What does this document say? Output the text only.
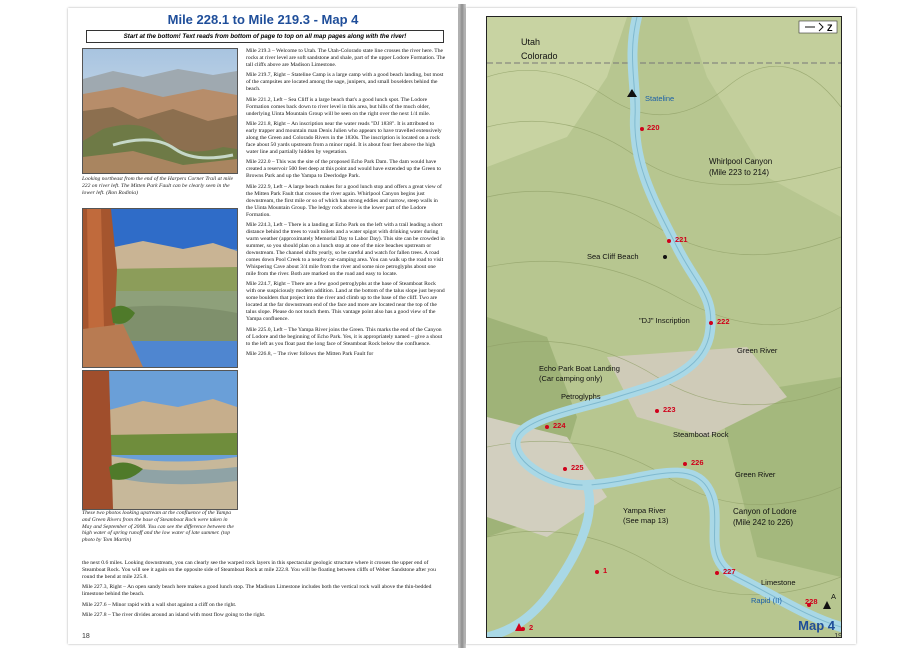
Mile 228.1 to Mile 219.3 - Map 4
Start at the bottom! Text reads from bottom of page to top on all map pages along with the river!
Looking northeast from the end of the Harpers Corner Trail at mile 222 on river left. The Mitten Park Fault can be clearly seen in the lower left. (Ron Rodinia)
These two photos looking upstream at the confluence of the Yampa and Green Rivers from the base of Steamboat Rock were taken in May and September of 2008. You can see the difference between the high water of spring runoff and the low water of late summer. (top photo by Tom Martin)

Mile 219.3 – Welcome to Utah. The Utah-Colorado state line crosses the river here. The rocks at river level are soft sandstone and shale, part of the upper Lodore Formation. The tall cliffs above are Madison Limestone.

Mile 219.7, Right – Stateline Camp is a large camp with a good beach landing, but most of the campsites are located among the sage, junipers, and small boxelders behind the beach.

Mile 221.2, Left – Sea Cliff is a large beach that's a good lunch spot. The Lodore Formation comes back down to river level in this area, but hills of the much older, underlying Uinta Mountain Group will be seen on the right over the next 1/4 mile.

Mile 221.8, Right – An inscription near the water reads "DJ 1838". It is attributed to early trapper and mountain man Denis Julien who appears to have travelled extensively along the Green and Colorado Rivers in the 1830s. The inscription is located on a rock face about 50 yards upstream from a minor rapid. It is about four feet above the high water line and partially hidden by vegetation.

Mile 222.0 – This was the site of the proposed Echo Park Dam. The dam would have created a reservoir 500 feet deep at this point and would have extended up the Green to Browns Park and up the Yampa to Deerlodge Park.

Mile 222.9, Left – A large beach makes for a good lunch stop and offers a great view of the Mitten Park Fault that crosses the river again. Whirlpool Canyon begins just downstream, the first mile or so of which has strong eddies and narrow, steep walls in the Uinta Mountain Group. The ledgy rock above is the lower part of the Lodore Formation.

Mile 224.3, Left – There is a landing at Echo Park on the left with a trail leading a short distance behind the trees to vault toilets and a water spigot with drinking water during warm weather (approximately Memorial Day to Labor Day). This site can be crowded in summer, so you should plan on a lunch stop at one of the nice beaches upstream or downstream. The channel shifts yearly, so be careful and watch for fallen trees. A road comes down Pool Creek to a nearby car-camping area. You can walk up the road to visit Whispering Cave about 3/4 mile from the river and some nice petroglyphs about one mile from the river. Both are marked on the road and easy to locate.

Mile 224.7, Right – There are a few good petroglyphs at the base of Steamboat Rock with one suspiciously modern addition. Land at the bottom of the talus slope just beyond some boulders that project into the river and climb up to the base of the cliff. Two are located at the far downstream end of the face and more are located near the top of the talus slope. Please do not touch them. This vantage point also has a good view of the Yampa confluence.

Mile 225.0, Left – The Yampa River joins the Green. This marks the end of the Canyon of Lodore and the beginning of Echo Park. Yes, it is appropriately named – give a shout to the left as you float past the long face of Steamboat Rock below the confluence.

Mile 226.8, – The river follows the Mitten Park Fault for

the next 0.6 miles. Looking downstream, you can clearly see the warped rock layers in this spectacular geologic structure where it crosses the upper end of Steamboat Rock. You will see it again on the opposite side of Steamboat Rock at mile 222.8. You will be floating between cliffs of Weber Sandstone after you round the bend at mile 225.8.

Mile 227.3, Right – An open sandy beach here makes a good lunch stop. The Madison Limestone includes both the vertical rock wall above the thin-bedded limestone behind the beach.

Mile 227.6 – Minor rapid with a wall shot against a cliff on the right.

Mile 227.8 – The river divides around an island with most flow going to the right.

18
Z
Utah
Colorado
A
Stateline
220
Whirlpool Canyon
(Mile 223 to 214)
221
Sea Cliff Beach
"DJ" Inscription	222
Green River
Echo Park Boat Landing
(Car camping only)
Petroglyphs
223
224
Steamboat Rock
225
226
Green River
Yampa River
(See map 13)
Canyon of Lodore
(Mile 242 to 226)
227
1
Limestone
Rapid (II)	228
A
2	Map 4
19
